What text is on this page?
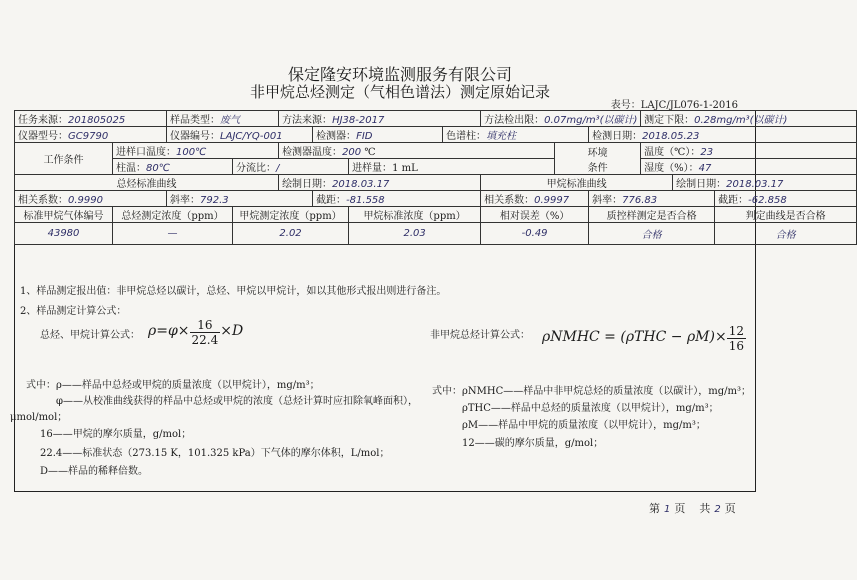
保定隆安环境监测服务有限公司
非甲烷总烃测定（气相色谱法）测定原始记录
表号：LAJC/JL076-1-2016
任务来源：201805025		样品类型：废气		方法来源：HJ38-2017				方法检出限：0.07mg/m³(以碳计)			测定下限：0.28mg/m³(以碳计)		
仪器型号：GC9790		仪器编号：LAJC/YQ-001			检测器：FID		色谱柱：填充柱			检测日期：2018.05.23			
工作条件	进样口温度：100℃			检测器温度：200 ℃					环境
条件		温度（℃）：23		
	柱温：80℃		分流比：/			进样量：1 mL					湿度（%）：47		
总烃标准曲线				绘制日期：2018.03.17				甲烷标准曲线				绘制日期：2018.03.17	
相关系数：0.9990		斜率：792.3			截距：-81.558			相关系数：0.9997		斜率：776.83			截距：-62.858
标准甲烷气体编号	总烃测定浓度（ppm）		甲烷测定浓度（ppm）			甲烷标准浓度（ppm）		相对误差（%）		质控样测定是否合格			判定曲线是否合格
43980	—		2.02			2.03		-0.49		合格			合格
1、样品测定报出值：非甲烷总烃以碳计，总烃、甲烷以甲烷计，如以其他形式报出则进行备注。
2、样品测定计算公式：
总烃、甲烷计算公式： $\rho=\varphi\times \frac{16}{22.4} \times D$	非甲烷总烃计算公式： ρNMHC = $(\rho THC - \rho M)\times \frac{12}{16}$
式中： ρ——样品中总烃或甲烷的质量浓度（以甲烷计），mg/m³；
φ——从校准曲线获得的样品中总烃或甲烷的浓度（总烃计算时应扣除氧峰面积），
μmol/mol；
16——甲烷的摩尔质量，g/mol；
22.4——标准状态（273.15 K，101.325 kPa）下气体的摩尔体积，L/mol；
D——样品的稀释倍数。
式中： ρNMHC——样品中非甲烷总烃的质量浓度（以碳计），mg/m³；
ρTHC——样品中总烃的质量浓度（以甲烷计），mg/m³；
ρM——样品中甲烷的质量浓度（以甲烷计），mg/m³；
12——碳的摩尔质量，g/mol；
第 1 页 共 2 页
